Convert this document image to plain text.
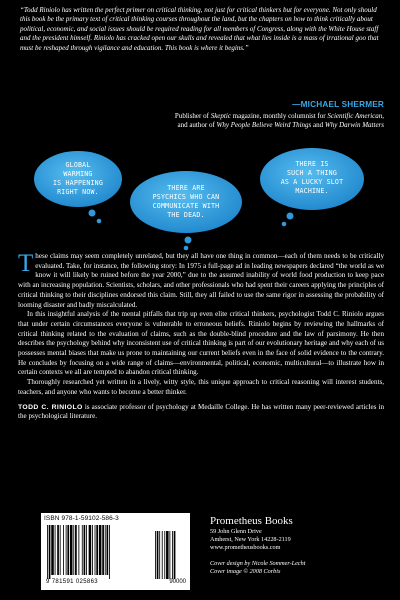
“Todd Riniolo has written the perfect primer on critical thinking, not just for critical thinkers but for everyone. Not only should this book be the primary text of critical thinking courses throughout the land, but the chapters on how to think critically about political, economic, and social issues should be required reading for all members of Congress, along with the White House staff and the president himself. Riniolo has cracked open our skulls and revealed that what lies inside is a mass of irrational goo that must be reshaped through vigilance and education. This book is where it begins.”
—MICHAEL SHERMER
Publisher of Skeptic magazine, monthly columnist for Scientific American,
and author of Why People Believe Weird Things and Why Darwin Matters
GLOBAL
WARMING
IS HAPPENING
RIGHT NOW.	THERE ARE
PSYCHICS WHO CAN
COMMUNICATE WITH
THE DEAD.
THERE IS
SUCH A THING
AS A LUCKY SLOT
MACHINE.

These claims may seem completely unrelated, but they all have one thing in common—each of them needs to be critically evaluated. Take, for instance, the following story: In 1975 a full-page ad in leading newspapers declared “the world as we know it will likely be ruined before the year 2000,” due to the assumed inability of world food production to keep pace with an increasing population. Scientists, scholars, and other professionals who had spent their careers applying the principles of critical thinking to their disciplines endorsed this claim. Still, they all failed to use the same rigor in assessing the probability of looming disaster and badly miscalculated.

In this insightful analysis of the mental pitfalls that trip up even elite critical thinkers, psychologist Todd C. Riniolo argues that under certain circumstances everyone is vulnerable to erroneous beliefs. Riniolo begins by reviewing the hallmarks of critical thinking related to the evaluation of claims, such as the double-blind procedure and the law of parsimony. He then describes the psychology behind why inconsistent use of critical thinking is part of our evolutionary heritage and why each of us possesses mental biases that make us prone to maintaining our current beliefs even in the face of solid evidence to the contrary. He concludes by focusing on a wide range of claims—environmental, political, economic, multicultural—to illustrate how in certain contexts we all are tempted to abandon critical thinking.

Thoroughly researched yet written in a lively, witty style, this unique approach to critical reasoning will interest students, teachers, and anyone who wants to become a better thinker.

TODD C. RINIOLO is associate professor of psychology at Medaille College. He has written many peer-reviewed articles in the psychological literature.

ISBN 978-1-59102-586-3
9 781591 025863	90000
Prometheus Books
59 John Glenn Drive
Amherst, New York 14228-2119
www.prometheusbooks.com
Cover design by Nicole Sommer-Lecht
Cover image © 2008 Corbis
